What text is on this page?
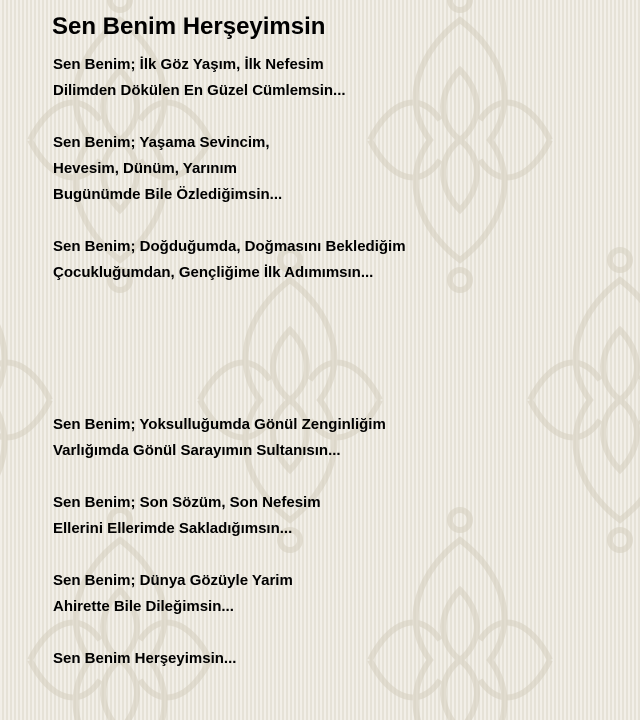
Sen Benim Herşeyimsin
Sen Benim; İlk Göz Yaşım, İlk Nefesim
Dilimden Dökülen En Güzel Cümlemsin...
Sen Benim; Yaşama Sevincim,
Hevesim, Dünüm, Yarınım
Bugünümde Bile Özlediğimsin...
Sen Benim; Doğduğumda, Doğmasını Beklediğim
Çocukluğumdan, Gençliğime İlk Adımımsın...
Sen Benim; Yoksulluğumda Gönül Zenginliğim
Varlığımda Gönül Sarayımın Sultanısın...
Sen Benim; Son Sözüm, Son Nefesim
Ellerini Ellerimde Sakladığımsın...
Sen Benim; Dünya Gözüyle Yarim
Ahirette Bile Dileğimsin...
Sen Benim Herşeyimsin...
